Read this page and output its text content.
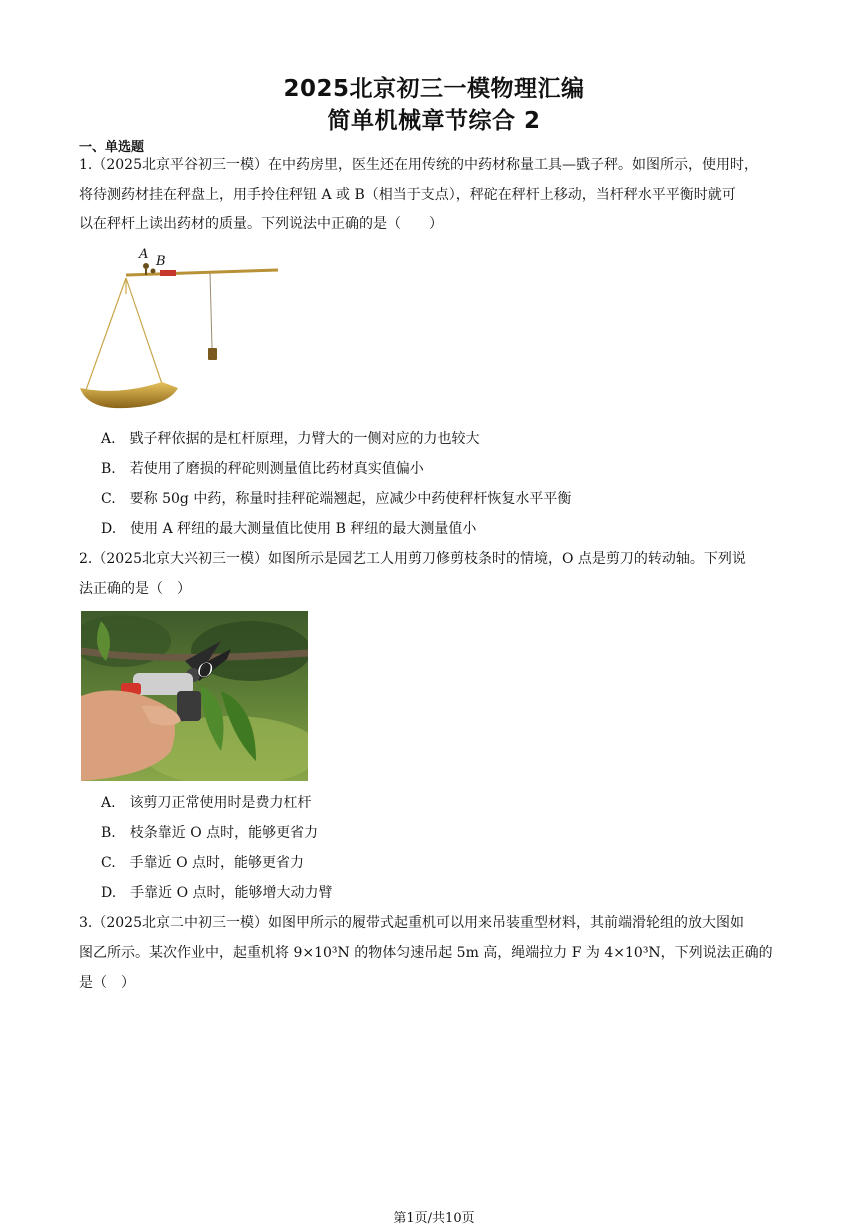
2025北京初三一模物理汇编
简单机械章节综合 2
一、单选题
1.（2025北京平谷初三一模）在中药房里，医生还在用传统的中药材称量工具—戥子秤。如图所示，使用时，
将待测药材挂在秤盘上，用手拎住秤钮 A 或 B（相当于支点），秤砣在秤杆上移动，当杆秤水平平衡时就可
以在秤杆上读出药材的质量。下列说法中正确的是（　　）
A B
A.　戥子秤依据的是杠杆原理，力臂大的一侧对应的力也较大
B.　若使用了磨损的秤砣则测量值比药材真实值偏小
C.　要称 50g 中药，称量时挂秤砣端翘起，应减少中药使秤杆恢复水平平衡
D.　使用 A 秤纽的最大测量值比使用 B 秤纽的最大测量值小
2.（2025北京大兴初三一模）如图所示是园艺工人用剪刀修剪枝条时的情境，O 点是剪刀的转动轴。下列说
法正确的是（　）
O
A.　该剪刀正常使用时是费力杠杆
B.　枝条靠近 O 点时，能够更省力
C.　手靠近 O 点时，能够更省力
D.　手靠近 O 点时，能够增大动力臂
3.（2025北京二中初三一模）如图甲所示的履带式起重机可以用来吊装重型材料，其前端滑轮组的放大图如
图乙所示。某次作业中，起重机将 9×10³N 的物体匀速吊起 5m 高，绳端拉力 F 为 4×10³N，下列说法正确的
是（　）
第1页/共10页
